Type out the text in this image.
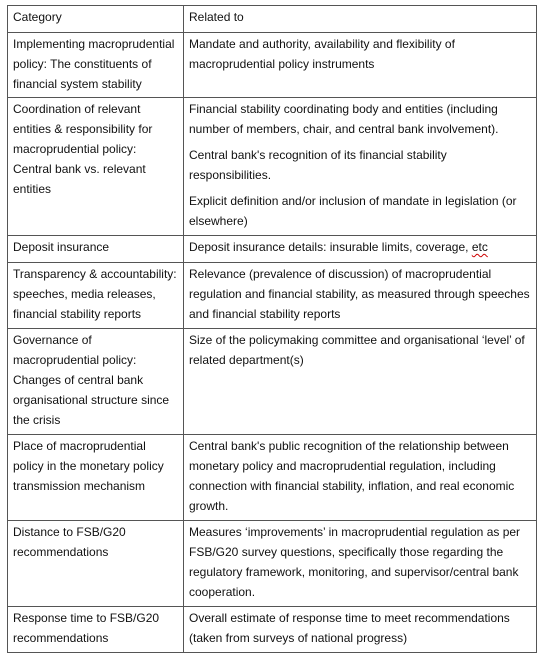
Category	Related to
Implementing macroprudential policy: The constituents of financial system stability	Mandate and authority, availability and flexibility of macroprudential policy instruments

Coordination of relevant entities & responsibility for macroprudential policy: Central bank vs. relevant entities	Financial stability coordinating body and entities (including number of members, chair, and central bank involvement).

Central bank's recognition of its financial stability responsibilities.

Explicit definition and/or inclusion of mandate in legislation (or elsewhere)

Deposit insurance	Deposit insurance details: insurable limits, coverage, etc
Transparency & accountability: speeches, media releases, financial stability reports	Relevance (prevalence of discussion) of macroprudential regulation and financial stability, as measured through speeches and financial stability reports

Governance of macroprudential policy: Changes of central bank organisational structure since the crisis	Size of the policymaking committee and organisational ‘level’ of related department(s)

Place of macroprudential policy in the monetary policy transmission mechanism	Central bank's public recognition of the relationship between monetary policy and macroprudential regulation, including connection with financial stability, inflation, and real economic growth.

Distance to FSB/G20 recommendations	Measures ‘improvements’ in macroprudential regulation as per FSB/G20 survey questions, specifically those regarding the regulatory framework, monitoring, and supervisor/central bank cooperation.

Response time to FSB/G20 recommendations	Overall estimate of response time to meet recommendations (taken from surveys of national progress)
